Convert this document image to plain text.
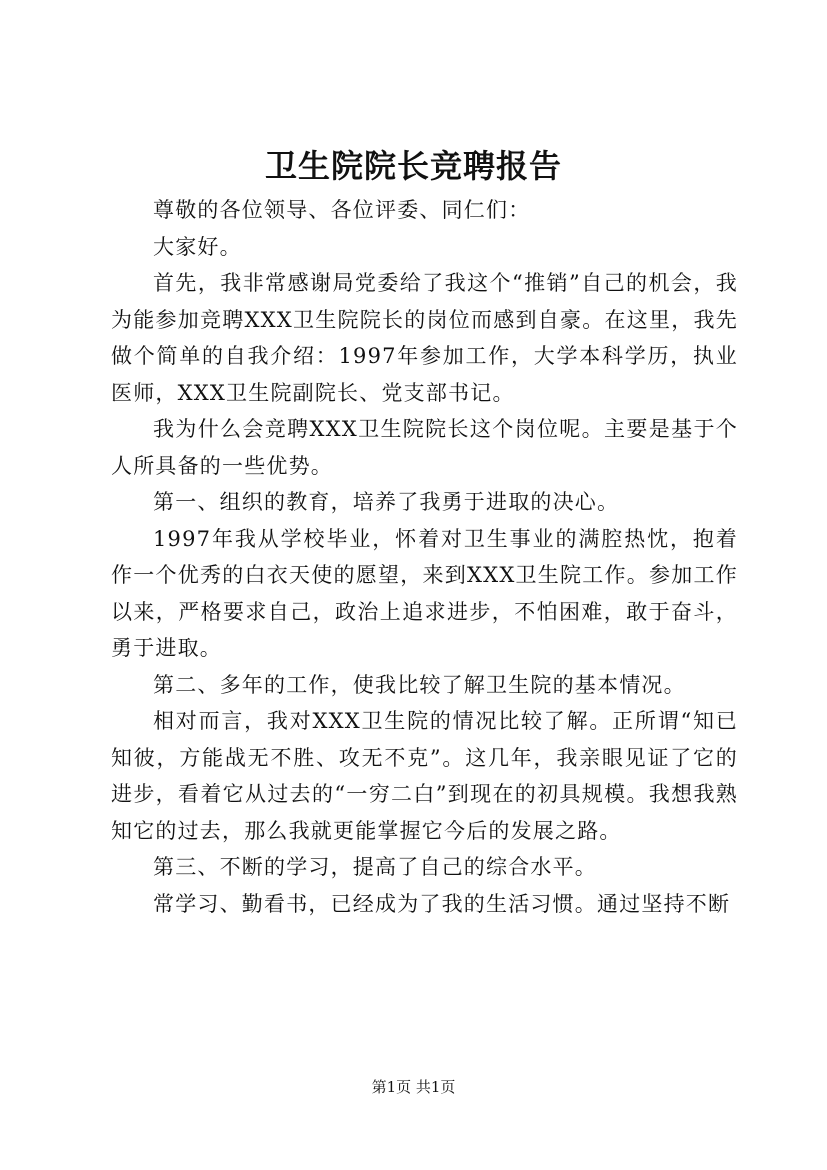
卫生院院长竞聘报告

尊敬的各位领导、各位评委、同仁们：

大家好。

首先，我非常感谢局党委给了我这个“推销”自己的机会，我为能参加竞聘XXX卫生院院长的岗位而感到自豪。在这里，我先做个简单的自我介绍：1997年参加工作，大学本科学历，执业医师，XXX卫生院副院长、党支部书记。

我为什么会竞聘XXX卫生院院长这个岗位呢。主要是基于个人所具备的一些优势。

第一、组织的教育，培养了我勇于进取的决心。

1997年我从学校毕业，怀着对卫生事业的满腔热忱，抱着作一个优秀的白衣天使的愿望，来到XXX卫生院工作。参加工作以来，严格要求自己，政治上追求进步，不怕困难，敢于奋斗，勇于进取。

第二、多年的工作，使我比较了解卫生院的基本情况。

相对而言，我对XXX卫生院的情况比较了解。正所谓“知已知彼，方能战无不胜、攻无不克”。这几年，我亲眼见证了它的进步，看着它从过去的“一穷二白”到现在的初具规模。我想我熟知它的过去，那么我就更能掌握它今后的发展之路。

第三、不断的学习，提高了自己的综合水平。

常学习、勤看书，已经成为了我的生活习惯。通过坚持不断

第1页 共1页
